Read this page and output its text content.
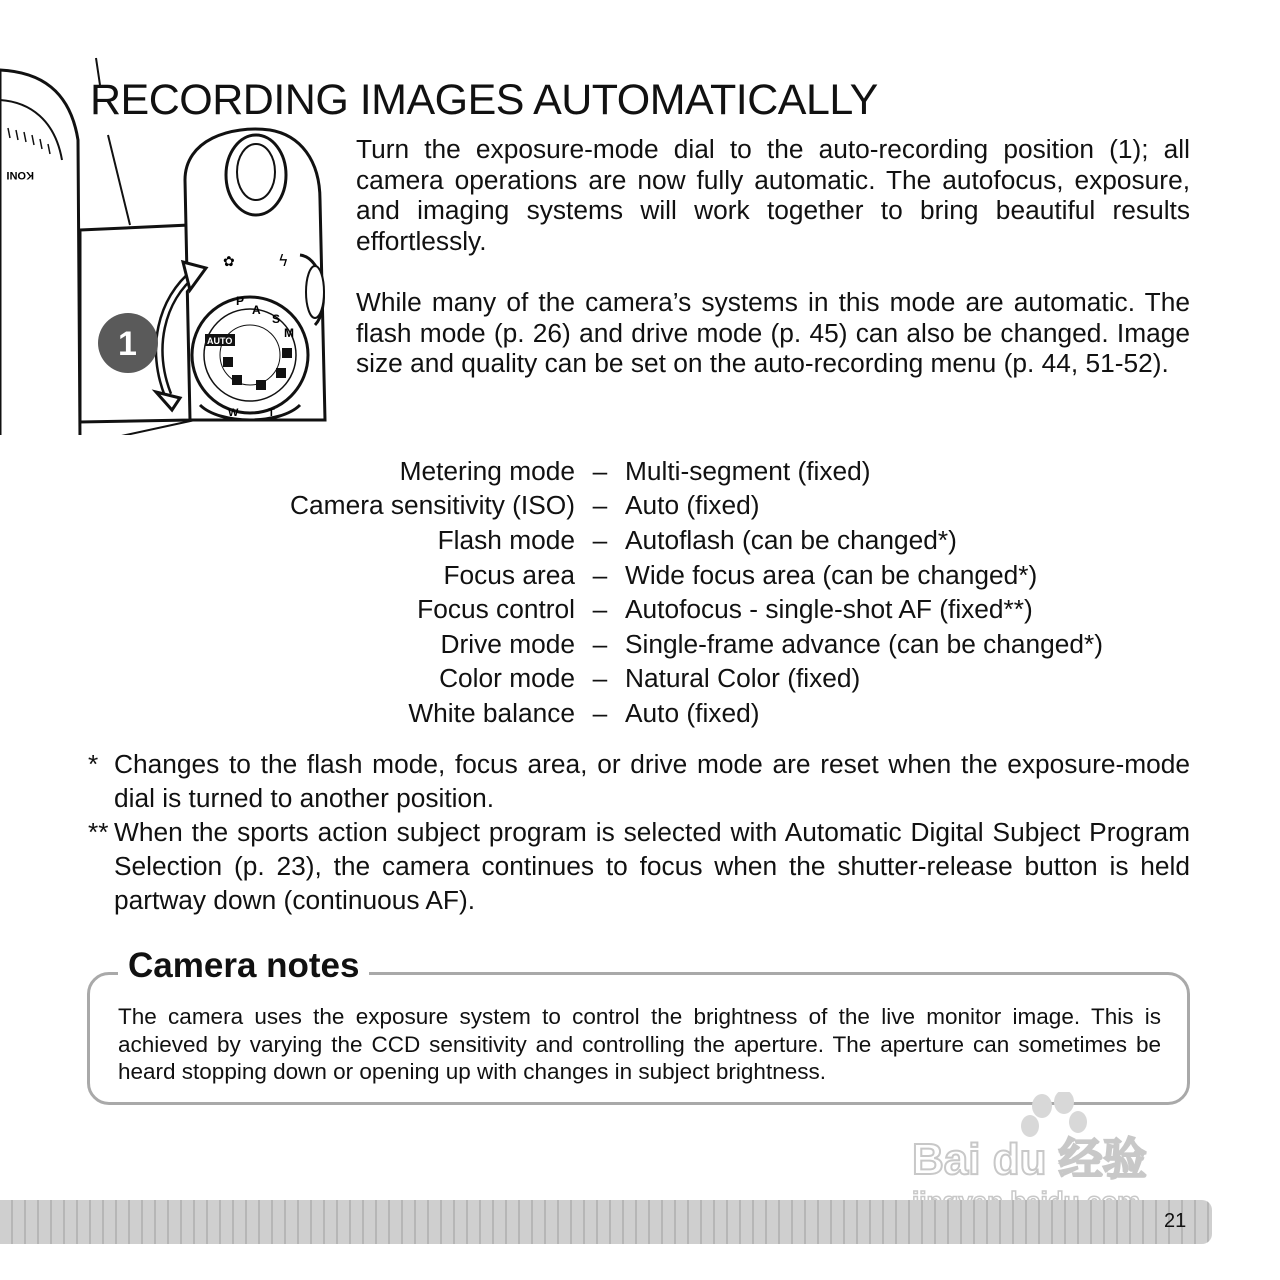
RECORDING IMAGES AUTOMATICALLY
KONI
ϟ
✿
P
A
S
M
AUTO
W	T
1

Turn the exposure-mode dial to the auto-recording position (1); all camera operations are now fully automatic. The autofocus, exposure, and imaging systems will work together to bring beautiful results effortlessly.

While many of the camera’s systems in this mode are automatic. The flash mode (p. 26) and drive mode (p. 45) can also be changed. Image size and quality can be set on the auto-recording menu (p. 44, 51-52).

Metering mode	–	Multi-segment (fixed)
Camera sensitivity (ISO)	–	Auto (fixed)
Flash mode	–	Autoflash (can be changed*)
Focus area	–	Wide focus area (can be changed*)
Focus control	–	Autofocus - single-shot AF (fixed**)
Drive mode	–	Single-frame advance (can be changed*)
Color mode	–	Natural Color (fixed)
White balance	–	Auto (fixed)
* Changes to the flash mode, focus area, or drive mode are reset when the exposure-mode dial is turned to another position.
** When the sports action subject program is selected with Automatic Digital Subject Program Selection (p. 23), the camera continues to focus when the shutter-release button is held partway down (continuous AF).
Camera notes

The camera uses the exposure system to control the brightness of the live monitor image. This is achieved by varying the CCD sensitivity and controlling the aperture. The aperture can sometimes be heard stopping down or opening up with changes in subject brightness.

Bai du 经验

21
